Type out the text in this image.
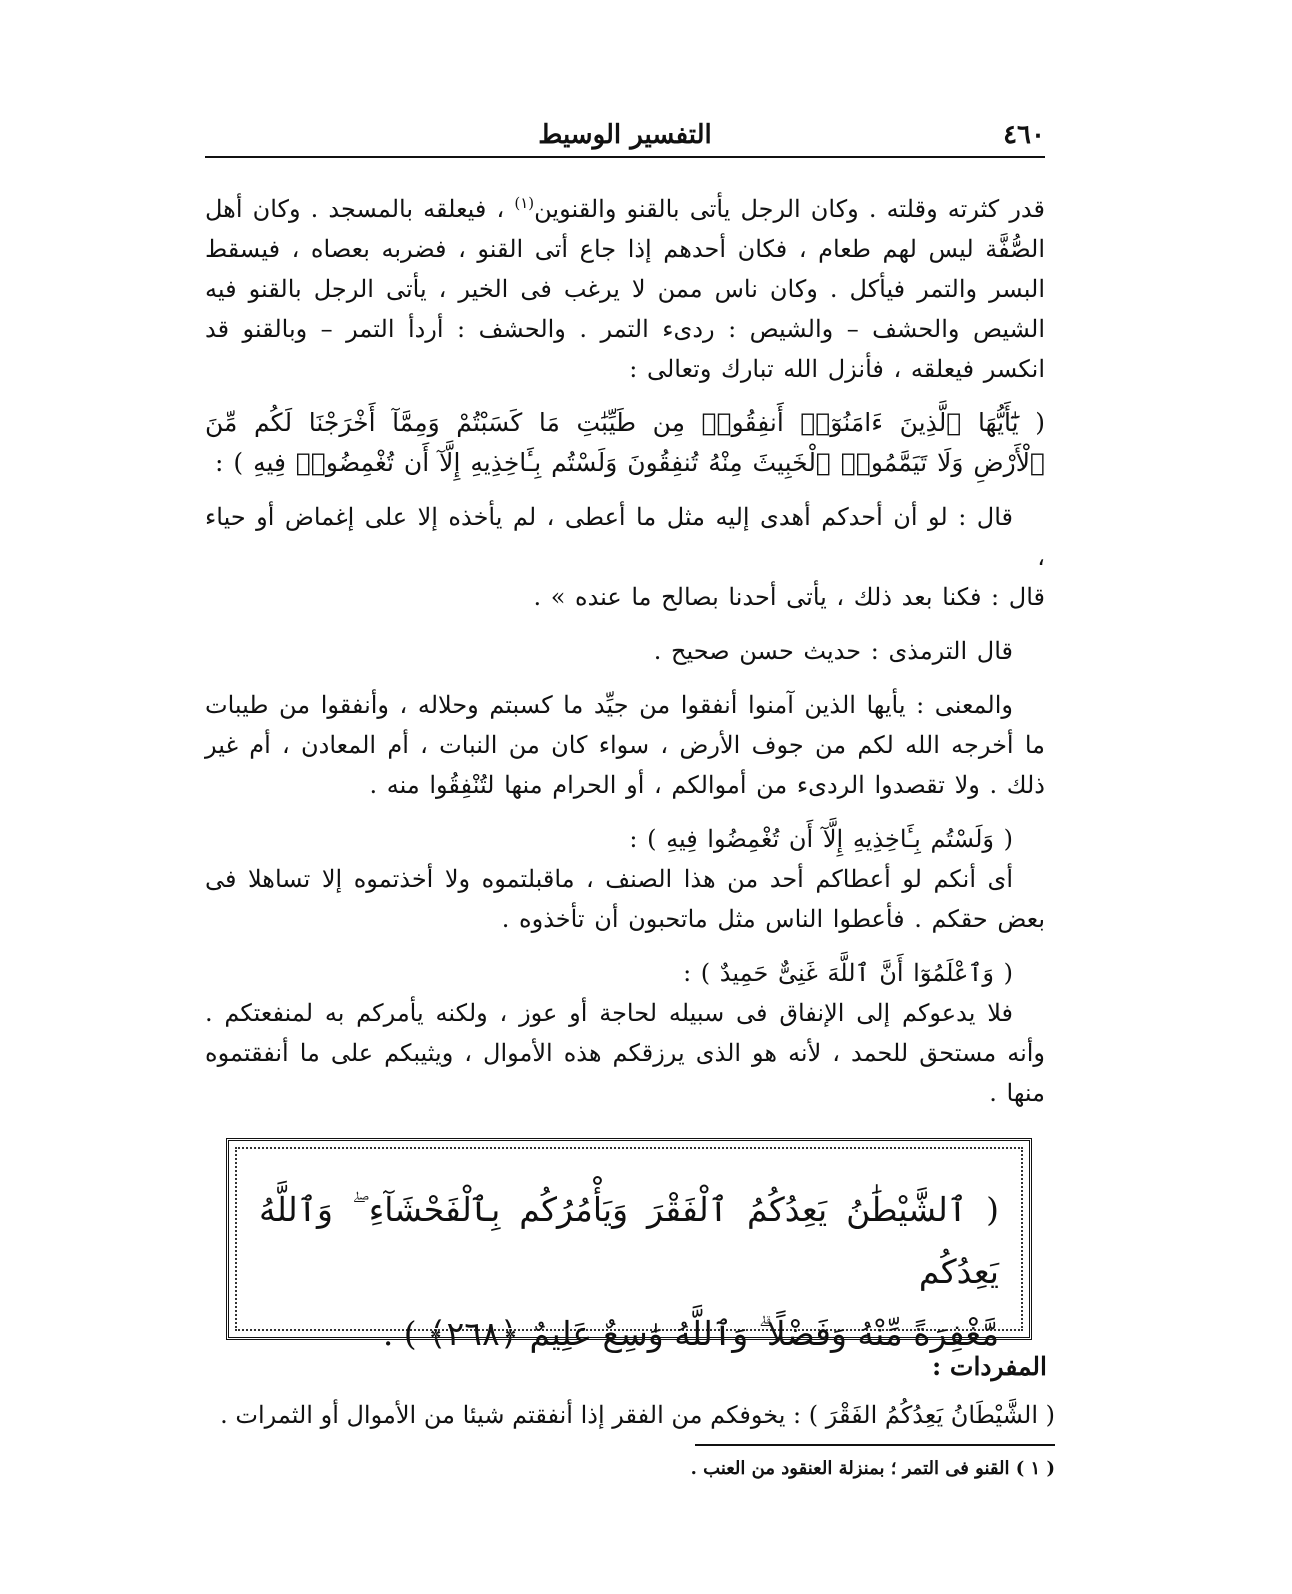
٤٦٠
التفسير الوسيط

قدر كثرته وقلته . وكان الرجل يأتى بالقنو والقنوين$^{(١)}$ ، فيعلقه بالمسجد . وكان أهل الصُّفَّة ليس لهم طعام ، فكان أحدهم إذا جاع أتى القنو ، فضربه بعصاه ، فيسقط البسر والتمر فيأكل . وكان ناس ممن لا يرغب فى الخير ، يأتى الرجل بالقنو فيه الشيص والحشف – والشيص : ردىء التمر . والحشف : أردأ التمر – وبالقنو قد انكسر فيعلقه ، فأنزل الله تبارك وتعالى :

( يَٰٓأَيُّهَا ٱلَّذِينَ ءَامَنُوٓا۟ أَنفِقُوا۟ مِن طَيِّبَٰتِ مَا كَسَبْتُمْ وَمِمَّآ أَخْرَجْنَا لَكُم مِّنَ ٱلْأَرْضِ وَلَا تَيَمَّمُوا۟ ٱلْخَبِيثَ مِنْهُ تُنفِقُونَ وَلَسْتُم بِـَٔاخِذِيهِ إِلَّآ أَن تُغْمِضُوا۟ فِيهِ ) :

قال : لو أن أحدكم أهدى إليه مثل ما أعطى ، لم يأخذه إلا على إغماض أو حياء ،

قال : فكنا بعد ذلك ، يأتى أحدنا بصالح ما عنده » .

قال الترمذى : حديث حسن صحيح .

والمعنى : يأيها الذين آمنوا أنفقوا من جيِّد ما كسبتم وحلاله ، وأنفقوا من طيبات ما أخرجه الله لكم من جوف الأرض ، سواء كان من النبات ، أم المعادن ، أم غير ذلك . ولا تقصدوا الردىء من أموالكم ، أو الحرام منها لتُنْفِقُوا منه .

( وَلَسْتُم بِـَٔاخِذِيهِ إِلَّآ أَن تُغْمِضُوا فِيهِ ) :

أى أنكم لو أعطاكم أحد من هذا الصنف ، ماقبلتموه ولا أخذتموه إلا تساهلا فى بعض حقكم . فأعطوا الناس مثل ماتحبون أن تأخذوه .

( وَٱعْلَمُوٓا أَنَّ ٱللَّهَ غَنِىٌّ حَمِيدٌ ) :

فلا يدعوكم إلى الإنفاق فى سبيله لحاجة أو عوز ، ولكنه يأمركم به لمنفعتكم . وأنه مستحق للحمد ، لأنه هو الذى يرزقكم هذه الأموال ، ويثيبكم على ما أنفقتموه منها .

( ٱلشَّيْطَٰنُ يَعِدُكُمُ ٱلْفَقْرَ وَيَأْمُرُكُم بِٱلْفَحْشَآءِ ۖ وَٱللَّهُ يَعِدُكُم
مَّغْفِرَةً مِّنْهُ وَفَضْلًا ۗ وَٱللَّهُ وَٰسِعٌ عَلِيمٌ ﴿٢٦٨﴾ ) .
المفردات :
( الشَّيْطَانُ يَعِدُكُمُ الفَقْرَ ) : يخوفكم من الفقر إذا أنفقتم شيئا من الأموال أو الثمرات .
( ١ ) القنو فى التمر ؛ بمنزلة العنقود من العنب .
